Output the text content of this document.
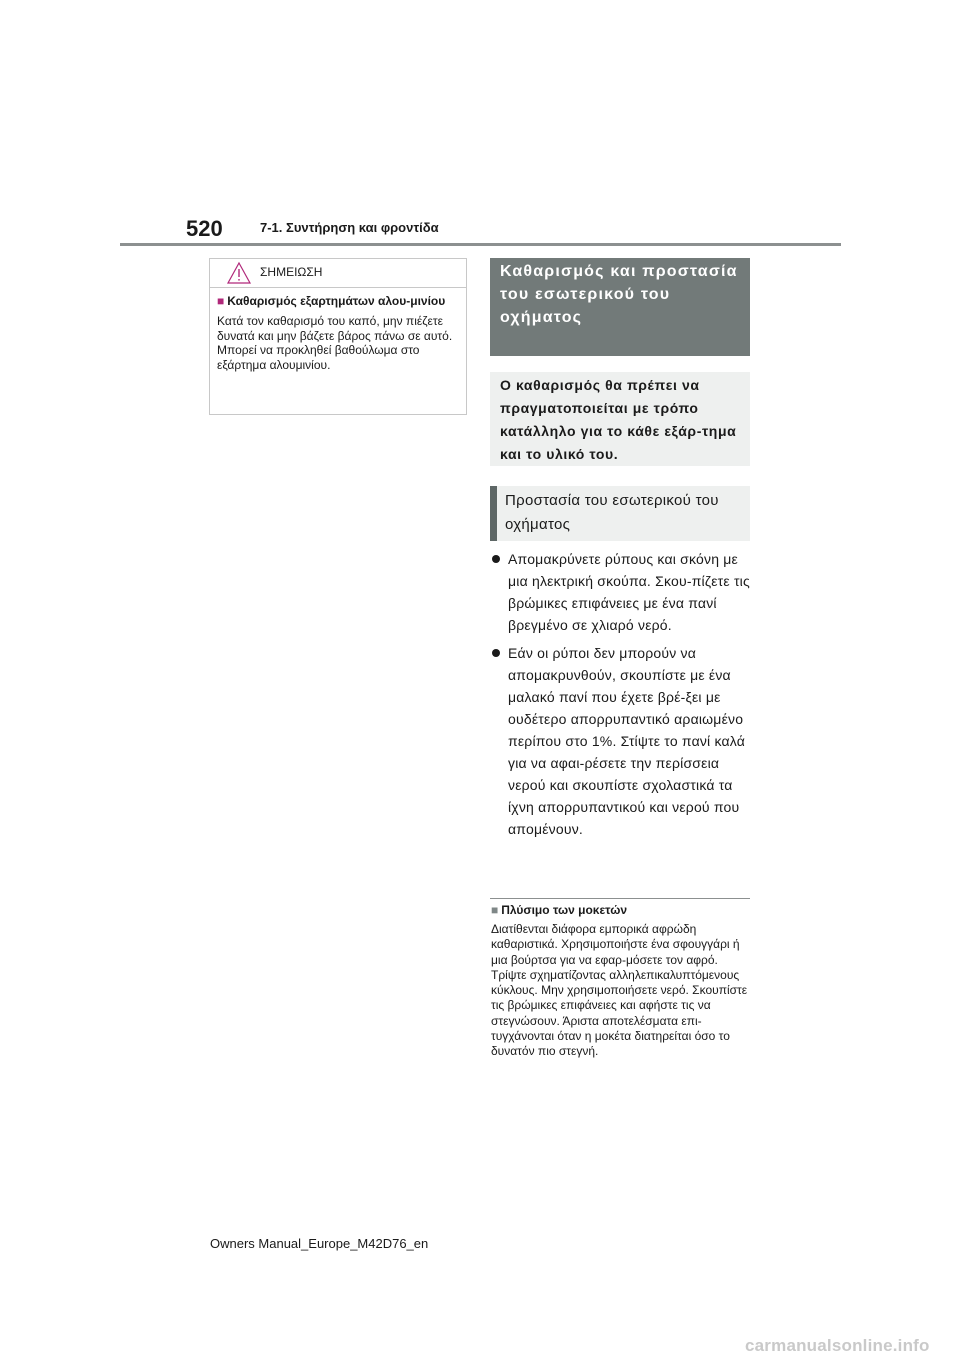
520	7-1. Συντήρηση και φροντίδα
ΣΗΜΕΙΩΣΗ

■ Καθαρισμός εξαρτημάτων αλου-μινίου

Κατά τον καθαρισμό του καπό, μην πιέζετε δυνατά και μην βάζετε βάρος πάνω σε αυτό. Μπορεί να προκληθεί βαθούλωμα στο εξάρτημα αλουμινίου.

Καθαρισμός και προστασία του εσωτερικού του οχήματος
Ο καθαρισμός θα πρέπει να πραγματοποιείται με τρόπο κατάλληλο για το κάθε εξάρ-τημα και το υλικό του.
Προστασία του εσωτερικού του οχήματος
Απομακρύνετε ρύπους και σκόνη με μια ηλεκτρική σκούπα. Σκου-πίζετε τις βρώμικες επιφάνειες με ένα πανί βρεγμένο σε χλιαρό νερό.
Εάν οι ρύποι δεν μπορούν να απομακρυνθούν, σκουπίστε με ένα μαλακό πανί που έχετε βρέ-ξει με ουδέτερο απορρυπαντικό αραιωμένο περίπου στο 1%. Στίψτε το πανί καλά για να αφαι-ρέσετε την περίσσεια νερού και σκουπίστε σχολαστικά τα ίχνη απορρυπαντικού και νερού που απομένουν.
■ Πλύσιμο των μοκετών

Διατίθενται διάφορα εμπορικά αφρώδη καθαριστικά. Χρησιμοποιήστε ένα σφουγγάρι ή μια βούρτσα για να εφαρ-μόσετε τον αφρό. Τρίψτε σχηματίζοντας αλληλεπικαλυπτόμενους κύκλους. Μην χρησιμοποιήσετε νερό. Σκουπίστε τις βρώμικες επιφάνειες και αφήστε τις να στεγνώσουν. Άριστα αποτελέσματα επι-τυγχάνονται όταν η μοκέτα διατηρείται όσο το δυνατόν πιο στεγνή.

Owners Manual_Europe_M42D76_en
carmanualsonline.info
